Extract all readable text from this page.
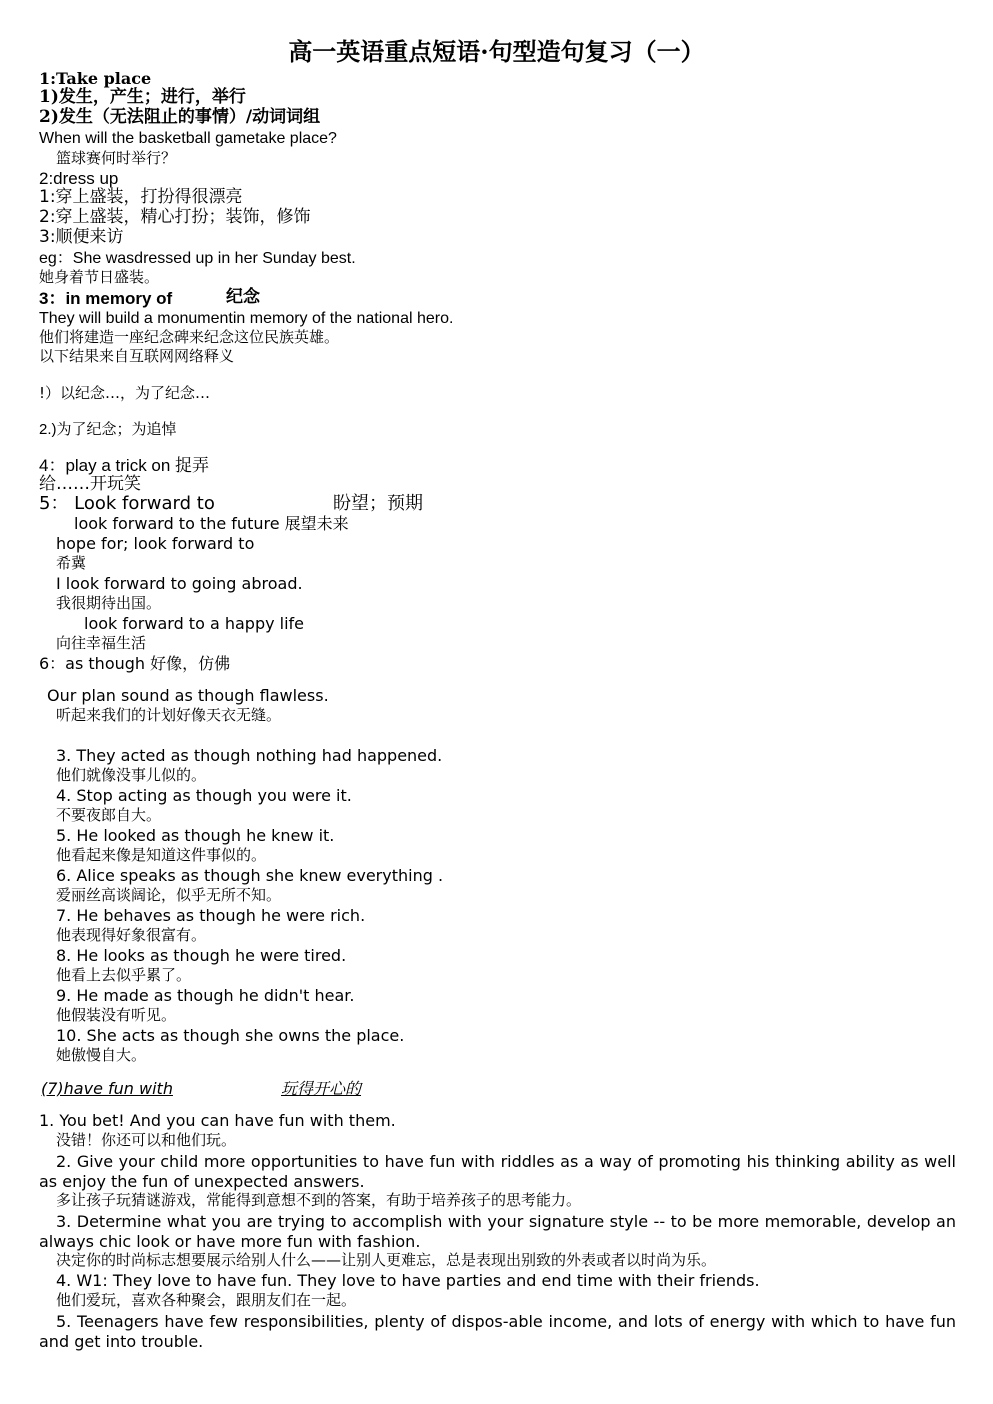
高一英语重点短语·句型造句复习（一）
1:Take place
1)发生，产生；进行，举行
2)发生（无法阻止的事情）/动词词组
When will the basketball gametake place?
篮球赛何时举行？
2:dress up
1:穿上盛装，打扮得很漂亮
2:穿上盛装，精心打扮；装饰，修饰
3:顺便来访
eg：She wasdressed up in her Sunday best.
她身着节日盛装。
3：in memory of	纪念
They will build a monumentin memory of the national hero.
他们将建造一座纪念碑来纪念这位民族英雄。
以下结果来自互联网网络释义
!）以纪念…，为了纪念…
2.)为了纪念；为追悼
4：play a trick on 捉弄
给……开玩笑
5： Look forward to	盼望；预期
look forward to the future 展望未来
hope for; look forward to
希冀
I look forward to going abroad.
我很期待出国。
look forward to a happy life
向往幸福生活
6：as though 好像，仿佛
Our plan sound as though flawless.
听起来我们的计划好像天衣无缝。
3. They acted as though nothing had happened.
他们就像没事儿似的。
4. Stop acting as though you were it.
不要夜郎自大。
5. He looked as though he knew it.
他看起来像是知道这件事似的。
6. Alice speaks as though she knew everything .
爱丽丝高谈阔论，似乎无所不知。
7. He behaves as though he were rich.
他表现得好象很富有。
8. He looks as though he were tired.
他看上去似乎累了。
9. He made as though he didn't hear.
他假装没有听见。
10. She acts as though she owns the place.
她傲慢自大。
(7)have fun with	玩得开心的
1. You bet! And you can have fun with them.
没错！你还可以和他们玩。
2. Give your child more opportunities to have fun with riddles as a way of promoting his thinking ability as well as enjoy the fun of unexpected answers.
多让孩子玩猜谜游戏，常能得到意想不到的答案，有助于培养孩子的思考能力。
3. Determine what you are trying to accomplish with your signature style -- to be more memorable, develop an always chic look or have more fun with fashion.
决定你的时尚标志想要展示给别人什么——让别人更难忘，总是表现出别致的外表或者以时尚为乐。
4. W1: They love to have fun. They love to have parties and end time with their friends.
他们爱玩，喜欢各种聚会，跟朋友们在一起。
5. Teenagers have few responsibilities, plenty of dispos-able income, and lots of energy with which to have fun and get into trouble.
